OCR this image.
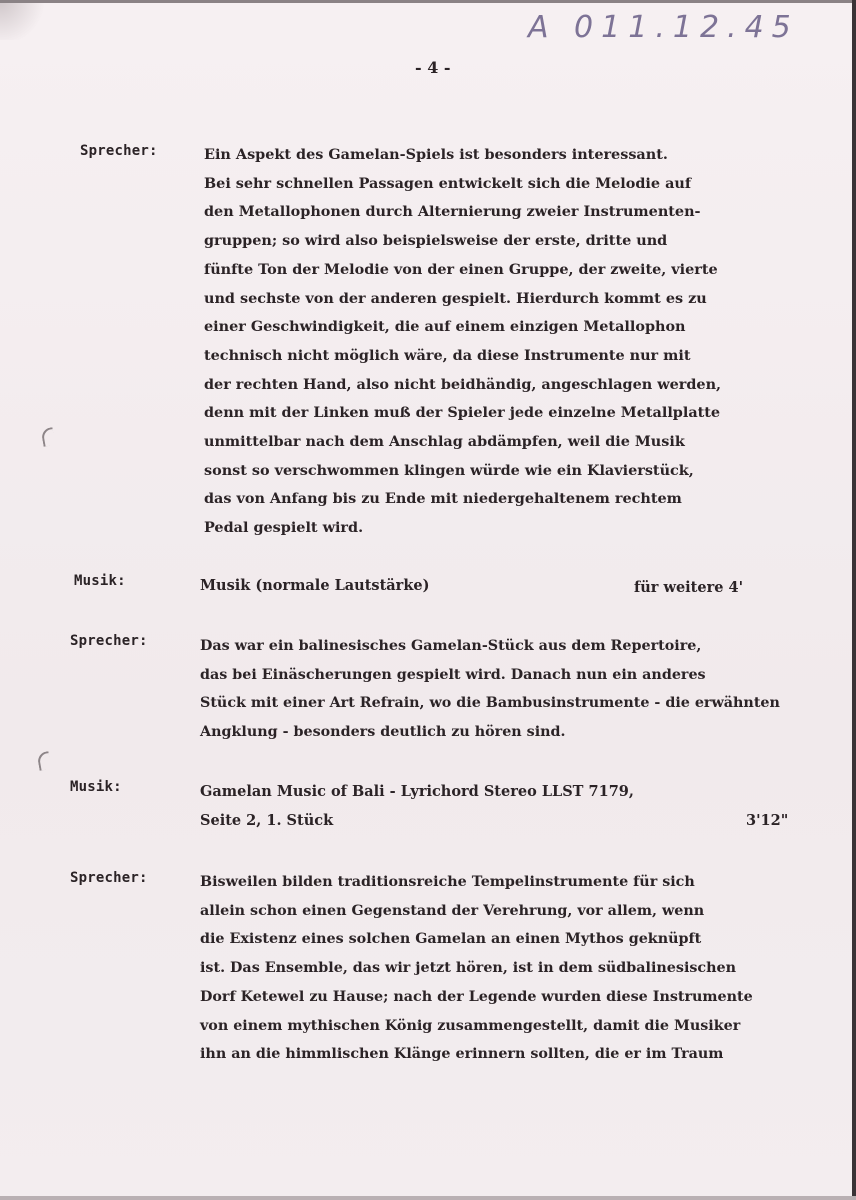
A 011.12.45
- 4 -
Sprecher:	Ein Aspekt des Gamelan-Spiels ist besonders interessant.
Bei sehr schnellen Passagen entwickelt sich die Melodie auf
den Metallophonen durch Alternierung zweier Instrumenten-
gruppen; so wird also beispielsweise der erste, dritte und
fünfte Ton der Melodie von der einen Gruppe, der zweite, vierte
und sechste von der anderen gespielt. Hierdurch kommt es zu
einer Geschwindigkeit, die auf einem einzigen Metallophon
technisch nicht möglich wäre, da diese Instrumente nur mit
der rechten Hand, also nicht beidhändig, angeschlagen werden,
denn mit der Linken muß der Spieler jede einzelne Metallplatte
unmittelbar nach dem Anschlag abdämpfen, weil die Musik
sonst so verschwommen klingen würde wie ein Klavierstück,
das von Anfang bis zu Ende mit niedergehaltenem rechtem
Pedal gespielt wird.
Musik:	Musik (normale Lautstärke)	für weitere 4'
Sprecher:	Das war ein balinesisches Gamelan-Stück aus dem Repertoire,
das bei Einäscherungen gespielt wird. Danach nun ein anderes
Stück mit einer Art Refrain, wo die Bambusinstrumente - die erwähnten
Angklung - besonders deutlich zu hören sind.
Musik:	Gamelan Music of Bali - Lyrichord Stereo LLST 7179,
Seite 2, 1. Stück	3'12"
Sprecher:	Bisweilen bilden traditionsreiche Tempelinstrumente für sich
allein schon einen Gegenstand der Verehrung, vor allem, wenn
die Existenz eines solchen Gamelan an einen Mythos geknüpft
ist. Das Ensemble, das wir jetzt hören, ist in dem südbalinesischen
Dorf Ketewel zu Hause; nach der Legende wurden diese Instrumente
von einem mythischen König zusammengestellt, damit die Musiker
ihn an die himmlischen Klänge erinnern sollten, die er im Traum
